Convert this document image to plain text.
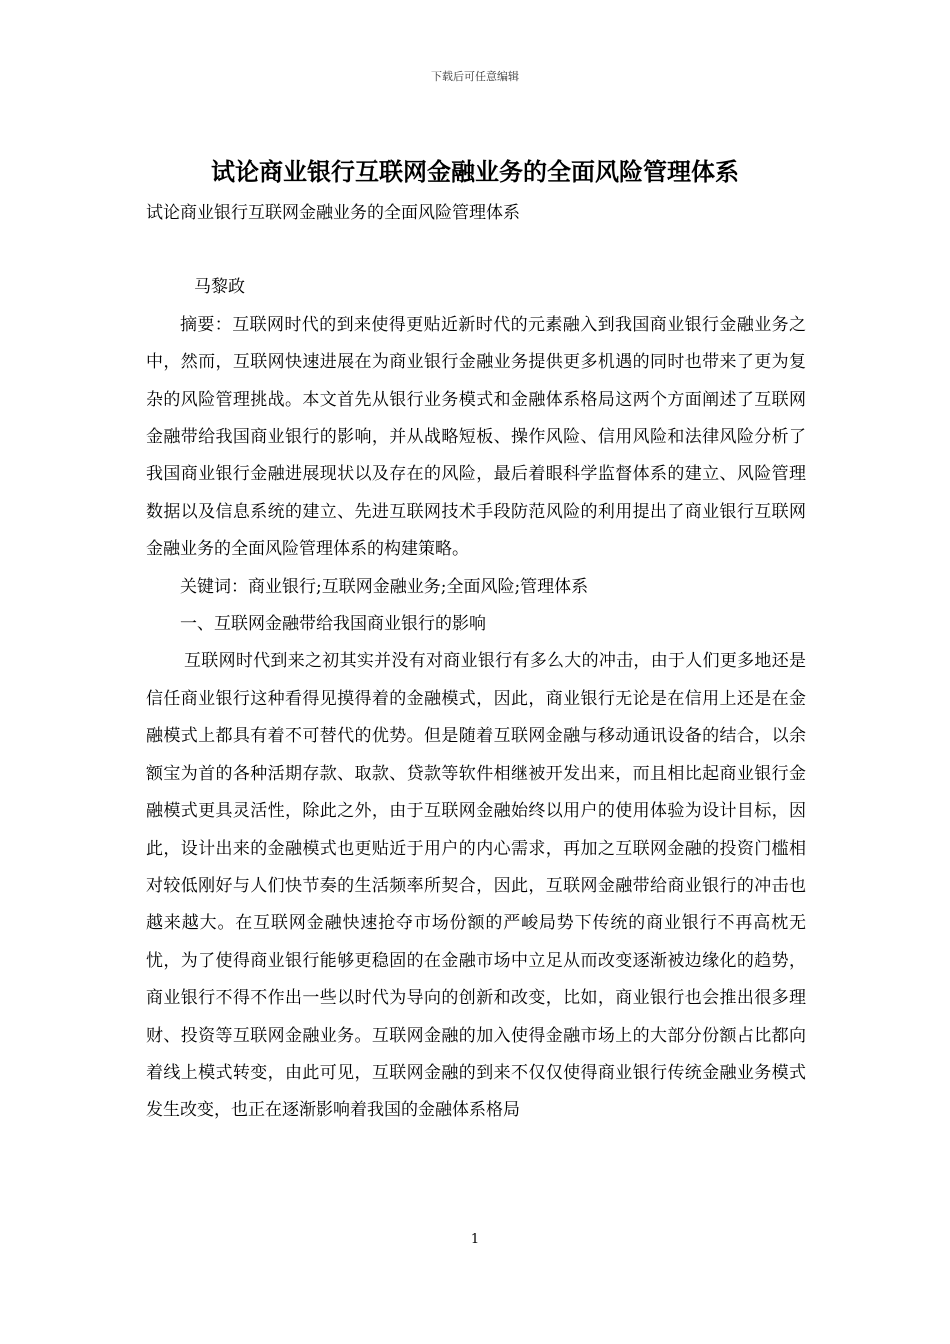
下载后可任意编辑
试论商业银行互联网金融业务的全面风险管理体系

试论商业银行互联网金融业务的全面风险管理体系

马黎政

摘要：互联网时代的到来使得更贴近新时代的元素融入到我国商业银行金融业务之中，然而，互联网快速进展在为商业银行金融业务提供更多机遇的同时也带来了更为复杂的风险管理挑战。本文首先从银行业务模式和金融体系格局这两个方面阐述了互联网金融带给我国商业银行的影响，并从战略短板、操作风险、信用风险和法律风险分析了我国商业银行金融进展现状以及存在的风险，最后着眼科学监督体系的建立、风险管理数据以及信息系统的建立、先进互联网技术手段防范风险的利用提出了商业银行互联网金融业务的全面风险管理体系的构建策略。

关键词：商业银行;互联网金融业务;全面风险;管理体系

一、互联网金融带给我国商业银行的影响

互联网时代到来之初其实并没有对商业银行有多么大的冲击，由于人们更多地还是信任商业银行这种看得见摸得着的金融模式，因此，商业银行无论是在信用上还是在金融模式上都具有着不可替代的优势。但是随着互联网金融与移动通讯设备的结合，以余额宝为首的各种活期存款、取款、贷款等软件相继被开发出来，而且相比起商业银行金融模式更具灵活性，除此之外，由于互联网金融始终以用户的使用体验为设计目标，因此，设计出来的金融模式也更贴近于用户的内心需求，再加之互联网金融的投资门槛相对较低刚好与人们快节奏的生活频率所契合，因此，互联网金融带给商业银行的冲击也越来越大。在互联网金融快速抢夺市场份额的严峻局势下传统的商业银行不再高枕无忧，为了使得商业银行能够更稳固的在金融市场中立足从而改变逐渐被边缘化的趋势，商业银行不得不作出一些以时代为导向的创新和改变，比如，商业银行也会推出很多理财、投资等互联网金融业务。互联网金融的加入使得金融市场上的大部分份额占比都向着线上模式转变，由此可见，互联网金融的到来不仅仅使得商业银行传统金融业务模式发生改变，也正在逐渐影响着我国的金融体系格局

1
